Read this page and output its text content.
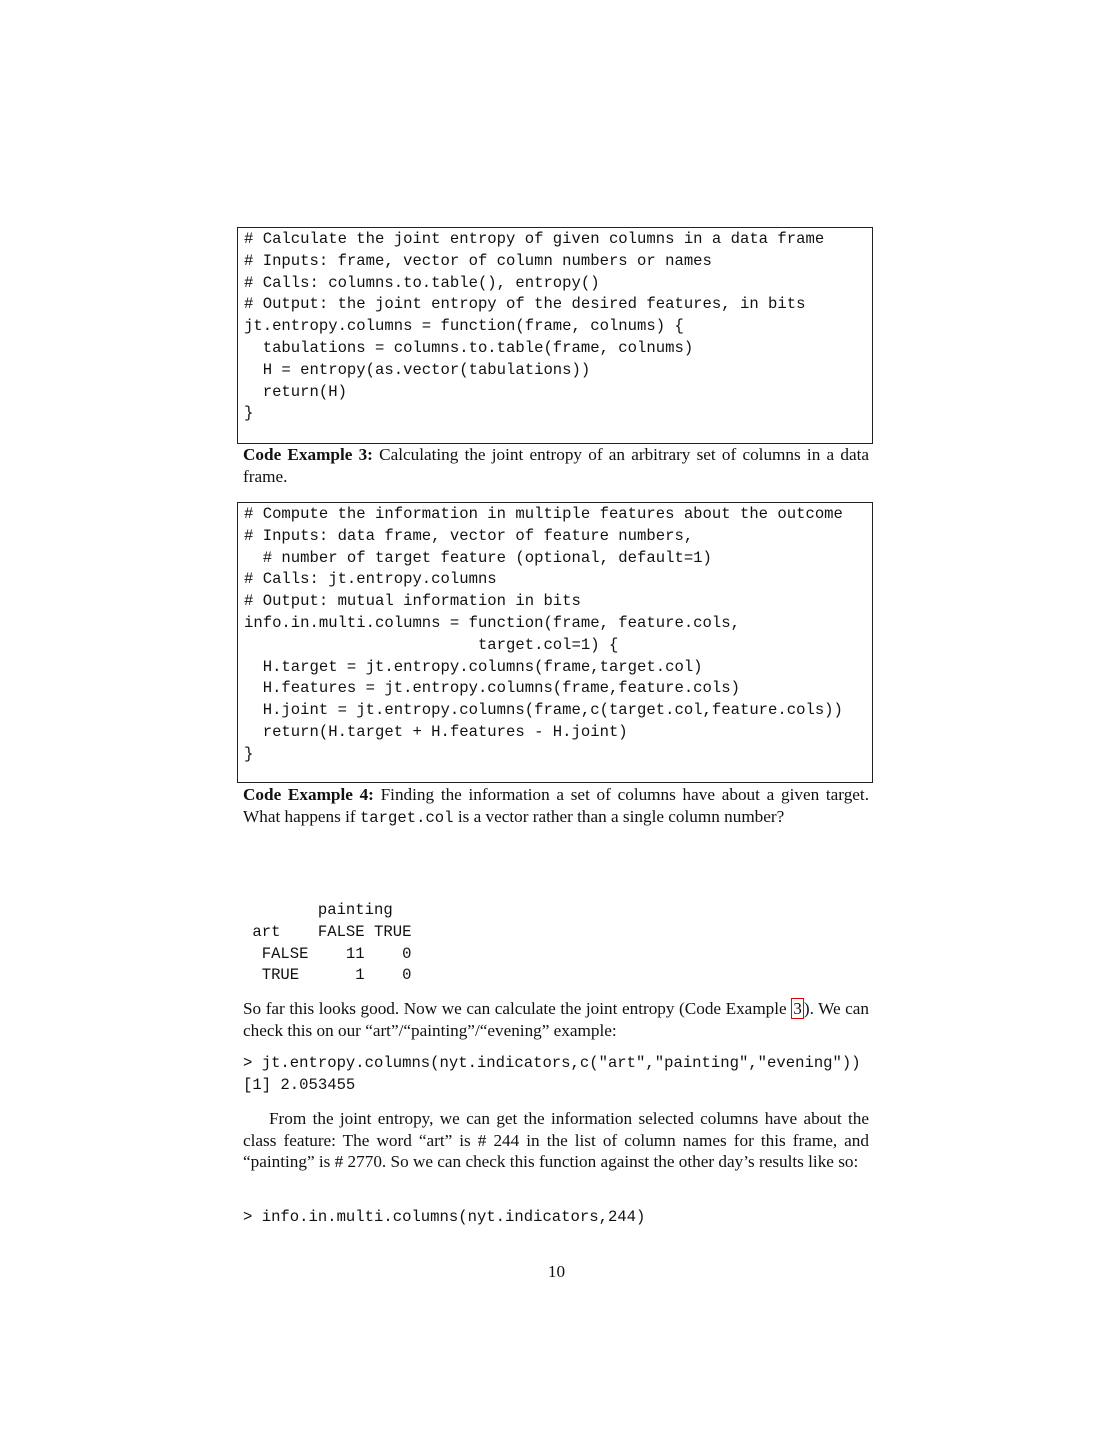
# Calculate the joint entropy of given columns in a data frame
# Inputs: frame, vector of column numbers or names
# Calls: columns.to.table(), entropy()
# Output: the joint entropy of the desired features, in bits
jt.entropy.columns = function(frame, colnums) {
tabulations = columns.to.table(frame, colnums)
H = entropy(as.vector(tabulations))
return(H)
}

Code Example 3: Calculating the joint entropy of an arbitrary set of columns in a data frame.

# Compute the information in multiple features about the outcome
# Inputs: data frame, vector of feature numbers,
# number of target feature (optional, default=1)
# Calls: jt.entropy.columns
# Output: mutual information in bits
info.in.multi.columns = function(frame, feature.cols,
target.col=1) {
H.target = jt.entropy.columns(frame,target.col)
H.features = jt.entropy.columns(frame,feature.cols)
H.joint = jt.entropy.columns(frame,c(target.col,feature.cols))
return(H.target + H.features - H.joint)
}

Code Example 4: Finding the information a set of columns have about a given target. What happens if target.col is a vector rather than a single column number?

painting
art    FALSE TRUE
FALSE    11    0
TRUE      1    0

So far this looks good. Now we can calculate the joint entropy (Code Example 3 ). We can check this on our “art”/“painting”/“evening” example:

> jt.entropy.columns(nyt.indicators,c("art","painting","evening"))
[1] 2.053455

From the joint entropy, we can get the information selected columns have about the class feature: The word “art” is # 244 in the list of column names for this frame, and “painting” is # 2770. So we can check this function against the other day’s results like so:

> info.in.multi.columns(nyt.indicators,244)
10
